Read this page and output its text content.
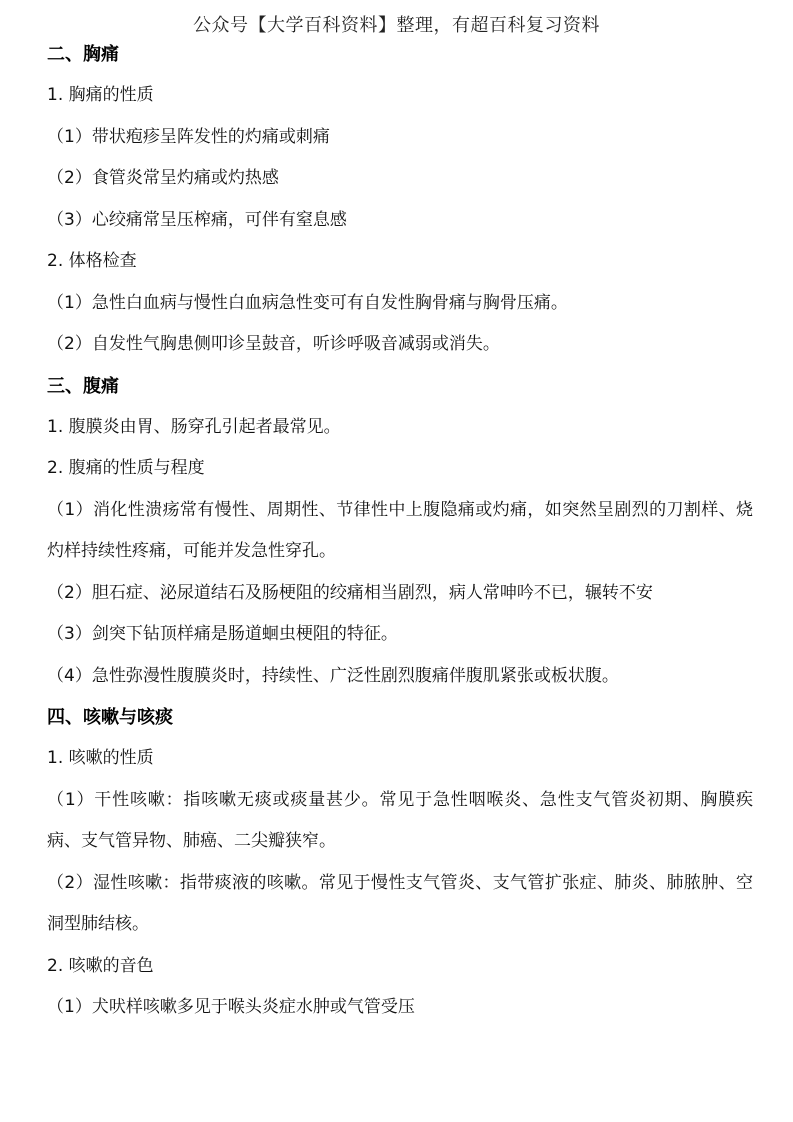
公众号【大学百科资料】整理，有超百科复习资料
二、胸痛

1. 胸痛的性质

（1）带状疱疹呈阵发性的灼痛或刺痛

（2）食管炎常呈灼痛或灼热感

（3）心绞痛常呈压榨痛，可伴有窒息感

2. 体格检查

（1）急性白血病与慢性白血病急性变可有自发性胸骨痛与胸骨压痛。

（2）自发性气胸患侧叩诊呈鼓音，听诊呼吸音减弱或消失。

三、腹痛

1. 腹膜炎由胃、肠穿孔引起者最常见。

2. 腹痛的性质与程度

（1）消化性溃疡常有慢性、周期性、节律性中上腹隐痛或灼痛，如突然呈剧烈的刀割样、烧灼样持续性疼痛，可能并发急性穿孔。

（2）胆石症、泌尿道结石及肠梗阻的绞痛相当剧烈，病人常呻吟不已，辗转不安

（3）剑突下钻顶样痛是肠道蛔虫梗阻的特征。

（4）急性弥漫性腹膜炎时，持续性、广泛性剧烈腹痛伴腹肌紧张或板状腹。

四、咳嗽与咳痰

1. 咳嗽的性质

（1）干性咳嗽：指咳嗽无痰或痰量甚少。常见于急性咽喉炎、急性支气管炎初期、胸膜疾病、支气管异物、肺癌、二尖瓣狭窄。

（2）湿性咳嗽：指带痰液的咳嗽。常见于慢性支气管炎、支气管扩张症、肺炎、肺脓肿、空洞型肺结核。

2. 咳嗽的音色

（1）犬吠样咳嗽多见于喉头炎症水肿或气管受压
